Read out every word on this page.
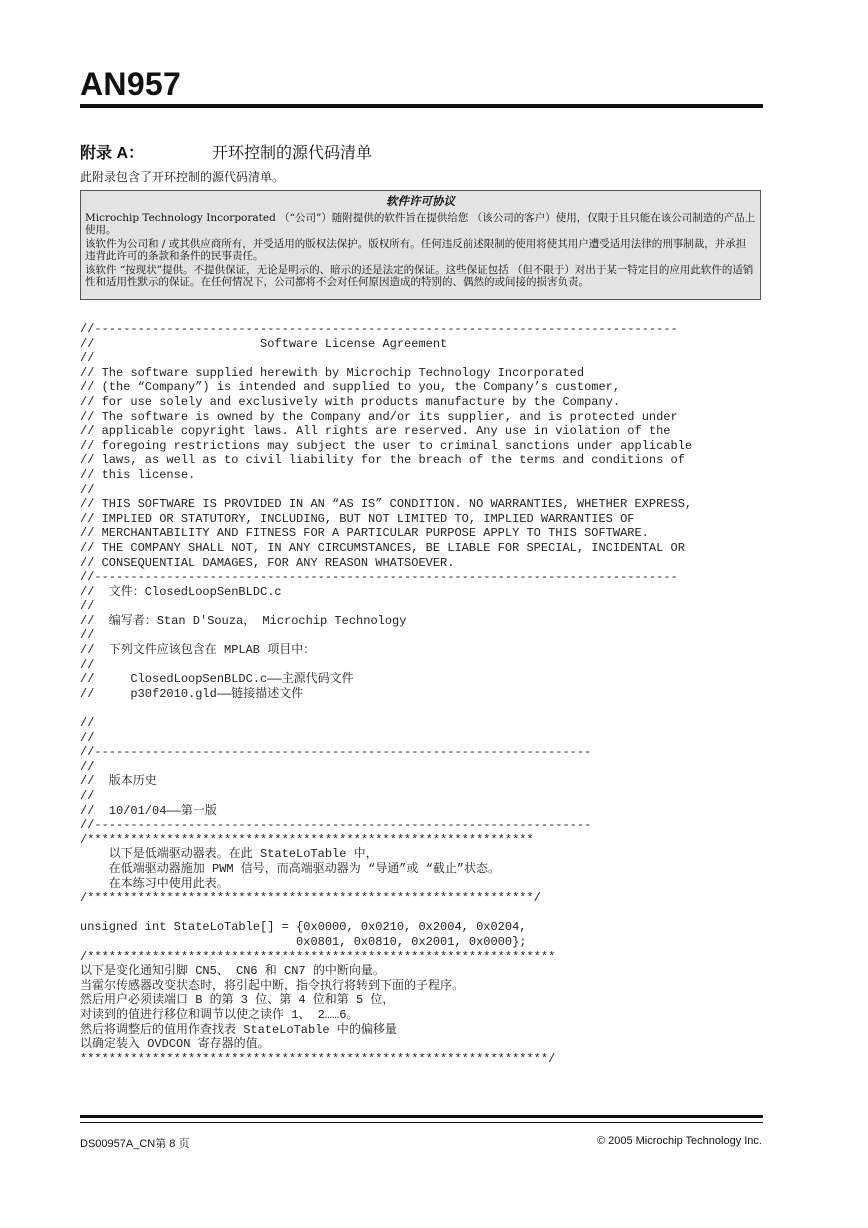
AN957
附录 A：	开环控制的源代码清单
此附录包含了开环控制的源代码清单。
软件许可协议
Microchip Technology Incorporated （“公司”）随附提供的软件旨在提供给您 （该公司的客户）使用，仅限于且只能在该公司制造的产品上使用。
该软件为公司和 / 或其供应商所有，并受适用的版权法保护。版权所有。任何违反前述限制的使用将使其用户遭受适用法律的刑事制裁，并承担违背此许可的条款和条件的民事责任。
该软件 “按现状”提供。不提供保证，无论是明示的、暗示的还是法定的保证。这些保证包括 （但不限于）对出于某一特定目的应用此软件的适销性和适用性默示的保证。在任何情况下，公司都将不会对任何原因造成的特别的、偶然的或间接的损害负责。
//---------------------------------------------------------------------------------
//                       Software License Agreement
//
// The software supplied herewith by Microchip Technology Incorporated
// (the “Company”) is intended and supplied to you, the Company’s customer,
// for use solely and exclusively with products manufacture by the Company.
// The software is owned by the Company and/or its supplier, and is protected under
// applicable copyright laws. All rights are reserved. Any use in violation of the
// foregoing restrictions may subject the user to criminal sanctions under applicable
// laws, as well as to civil liability for the breach of the terms and conditions of
// this license.
//
// THIS SOFTWARE IS PROVIDED IN AN “AS IS” CONDITION. NO WARRANTIES, WHETHER EXPRESS,
// IMPLIED OR STATUTORY, INCLUDING, BUT NOT LIMITED TO, IMPLIED WARRANTIES OF
// MERCHANTABILITY AND FITNESS FOR A PARTICULAR PURPOSE APPLY TO THIS SOFTWARE.
// THE COMPANY SHALL NOT, IN ANY CIRCUMSTANCES, BE LIABLE FOR SPECIAL, INCIDENTAL OR
// CONSEQUENTIAL DAMAGES, FOR ANY REASON WHATSOEVER.
//---------------------------------------------------------------------------------
//  文件：ClosedLoopSenBLDC.c
//
//  编写者：Stan D'Souza， Microchip Technology
//
//  下列文件应该包含在 MPLAB 项目中：
//
//     ClosedLoopSenBLDC.c——主源代码文件
//     p30f2010.gld——链接描述文件
//
//
//---------------------------------------------------------------------
//
//  版本历史
//
//  10/01/04——第一版
//---------------------------------------------------------------------
/**************************************************************
以下是低端驱动器表。在此 StateLoTable 中，
在低端驱动器施加 PWM 信号，而高端驱动器为 “导通”或 “截止”状态。
在本练习中使用此表。
/**************************************************************/
unsigned int StateLoTable[] = {0x0000, 0x0210, 0x2004, 0x0204,
0x0801, 0x0810, 0x2001, 0x0000};
/*****************************************************************
以下是变化通知引脚 CN5、 CN6 和 CN7 的中断向量。
当霍尔传感器改变状态时，将引起中断，指令执行将转到下面的子程序。
然后用户必须读端口 B 的第 3 位、第 4 位和第 5 位，
对读到的值进行移位和调节以使之读作 1、 2……6。
然后将调整后的值用作查找表 StateLoTable 中的偏移量
以确定装入 OVDCON 寄存器的值。
*****************************************************************/
DS00957A_CN第 8 页	© 2005 Microchip Technology Inc.
